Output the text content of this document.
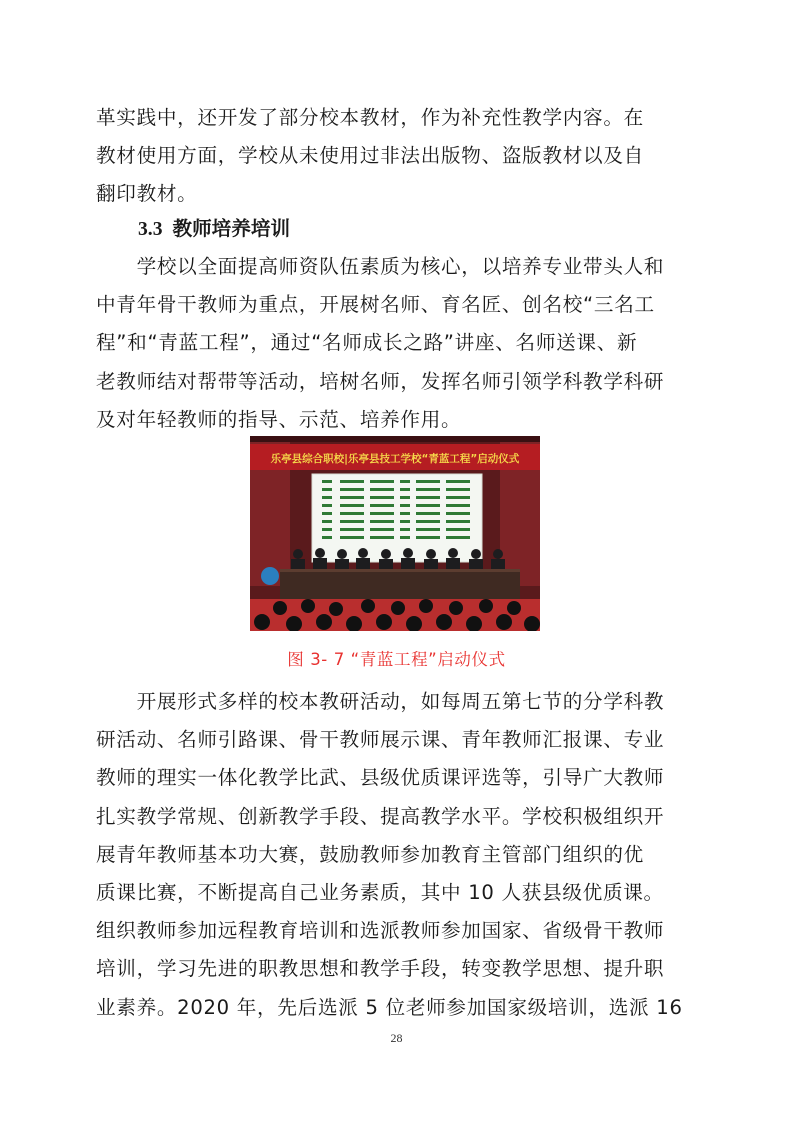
革实践中，还开发了部分校本教材，作为补充性教学内容。在
教材使用方面，学校从未使用过非法出版物、盗版教材以及自
翻印教材。
3.3 教师培养培训
　　学校以全面提高师资队伍素质为核心，以培养专业带头人和
中青年骨干教师为重点，开展树名师、育名匠、创名校“三名工
程”和“青蓝工程”，通过“名师成长之路”讲座、名师送课、新
老教师结对帮带等活动，培树名师，发挥名师引领学科教学科研
及对年轻教师的指导、示范、培养作用。
乐亭县综合职校|乐亭县技工学校“青蓝工程”启动仪式
图 3- 7 “青蓝工程”启动仪式
　　开展形式多样的校本教研活动，如每周五第七节的分学科教
研活动、名师引路课、骨干教师展示课、青年教师汇报课、专业
教师的理实一体化教学比武、县级优质课评选等，引导广大教师
扎实教学常规、创新教学手段、提高教学水平。学校积极组织开
展青年教师基本功大赛，鼓励教师参加教育主管部门组织的优
质课比赛，不断提高自己业务素质，其中 10 人获县级优质课。
组织教师参加远程教育培训和选派教师参加国家、省级骨干教师
培训，学习先进的职教思想和教学手段，转变教学思想、提升职
业素养。2020 年，先后选派 5 位老师参加国家级培训，选派 16
28
